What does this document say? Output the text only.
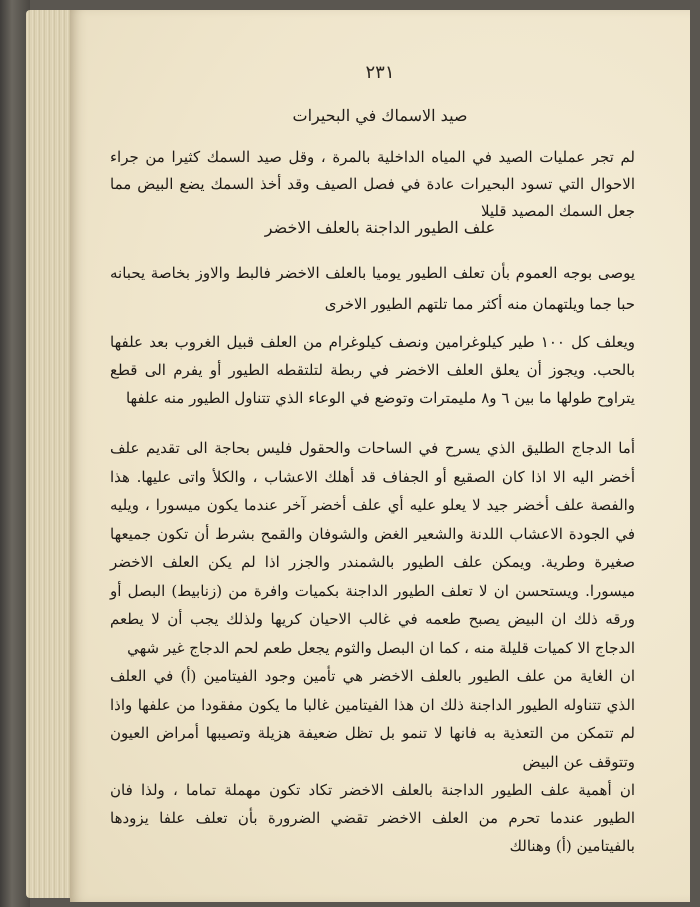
٢٣١
صيد الاسماك في البحيرات
لم تجر عمليات الصيد في المياه الداخلية بالمرة ، وقل صيد السمك كثيرا من جراء الاحوال التي تسود البحيرات عادة في فصل الصيف وقد أخذ السمك يضع البيض مما جعل السمك المصيد قليلا
علف الطيور الداجنة بالعلف الاخضر
يوصى بوجه العموم بأن تعلف الطيور يوميا بالعلف الاخضر فالبط والاوز بخاصة يحبانه حبا جما ويلتهمان منه أكثر مما تلتهم الطيور الاخرى
ويعلف كل ١٠٠ طير كيلوغرامين ونصف كيلوغرام من العلف قبيل الغروب بعد علفها بالحب. ويجوز أن يعلق العلف الاخضر في ربطة لتلتقطه الطيور أو يفرم الى قطع يتراوح طولها ما بين ٦ و٨ مليمترات وتوضع في الوعاء الذي تتناول الطيور منه علفها
أما الدجاج الطليق الذي يسرح في الساحات والحقول فليس بحاجة الى تقديم علف أخضر اليه الا اذا كان الصقيع أو الجفاف قد أهلك الاعشاب ، والكلأ واتى عليها. هذا والفصة علف أخضر جيد لا يعلو عليه أي علف أخضر آخر عندما يكون ميسورا ، ويليه في الجودة الاعشاب اللدنة والشعير الغض والشوفان والقمح بشرط أن تكون جميعها صغيرة وطرية. ويمكن علف الطيور بالشمندر والجزر اذا لم يكن العلف الاخضر ميسورا. ويستحسن ان لا تعلف الطيور الداجنة بكميات وافرة من (زنابيط) البصل أو ورقه ذلك ان البيض يصبح طعمه في غالب الاحيان كريها ولذلك يجب أن لا يطعم الدجاج الا كميات قليلة منه ، كما ان البصل والثوم يجعل طعم لحم الدجاج غير شهي
ان الغاية من علف الطيور بالعلف الاخضر هي تأمين وجود الفيتامين (أ) في العلف الذي تتناوله الطيور الداجنة ذلك ان هذا الفيتامين غالبا ما يكون مفقودا من علفها واذا لم تتمكن من التعذية به فانها لا تنمو بل تظل ضعيفة هزيلة وتصيبها أمراض العيون وتتوقف عن البيض
ان أهمية علف الطيور الداجنة بالعلف الاخضر تكاد تكون مهملة تماما ، ولذا فان الطيور عندما تحرم من العلف الاخضر تقضي الضرورة بأن تعلف علفا يزودها بالفيتامين (أ) وهنالك
